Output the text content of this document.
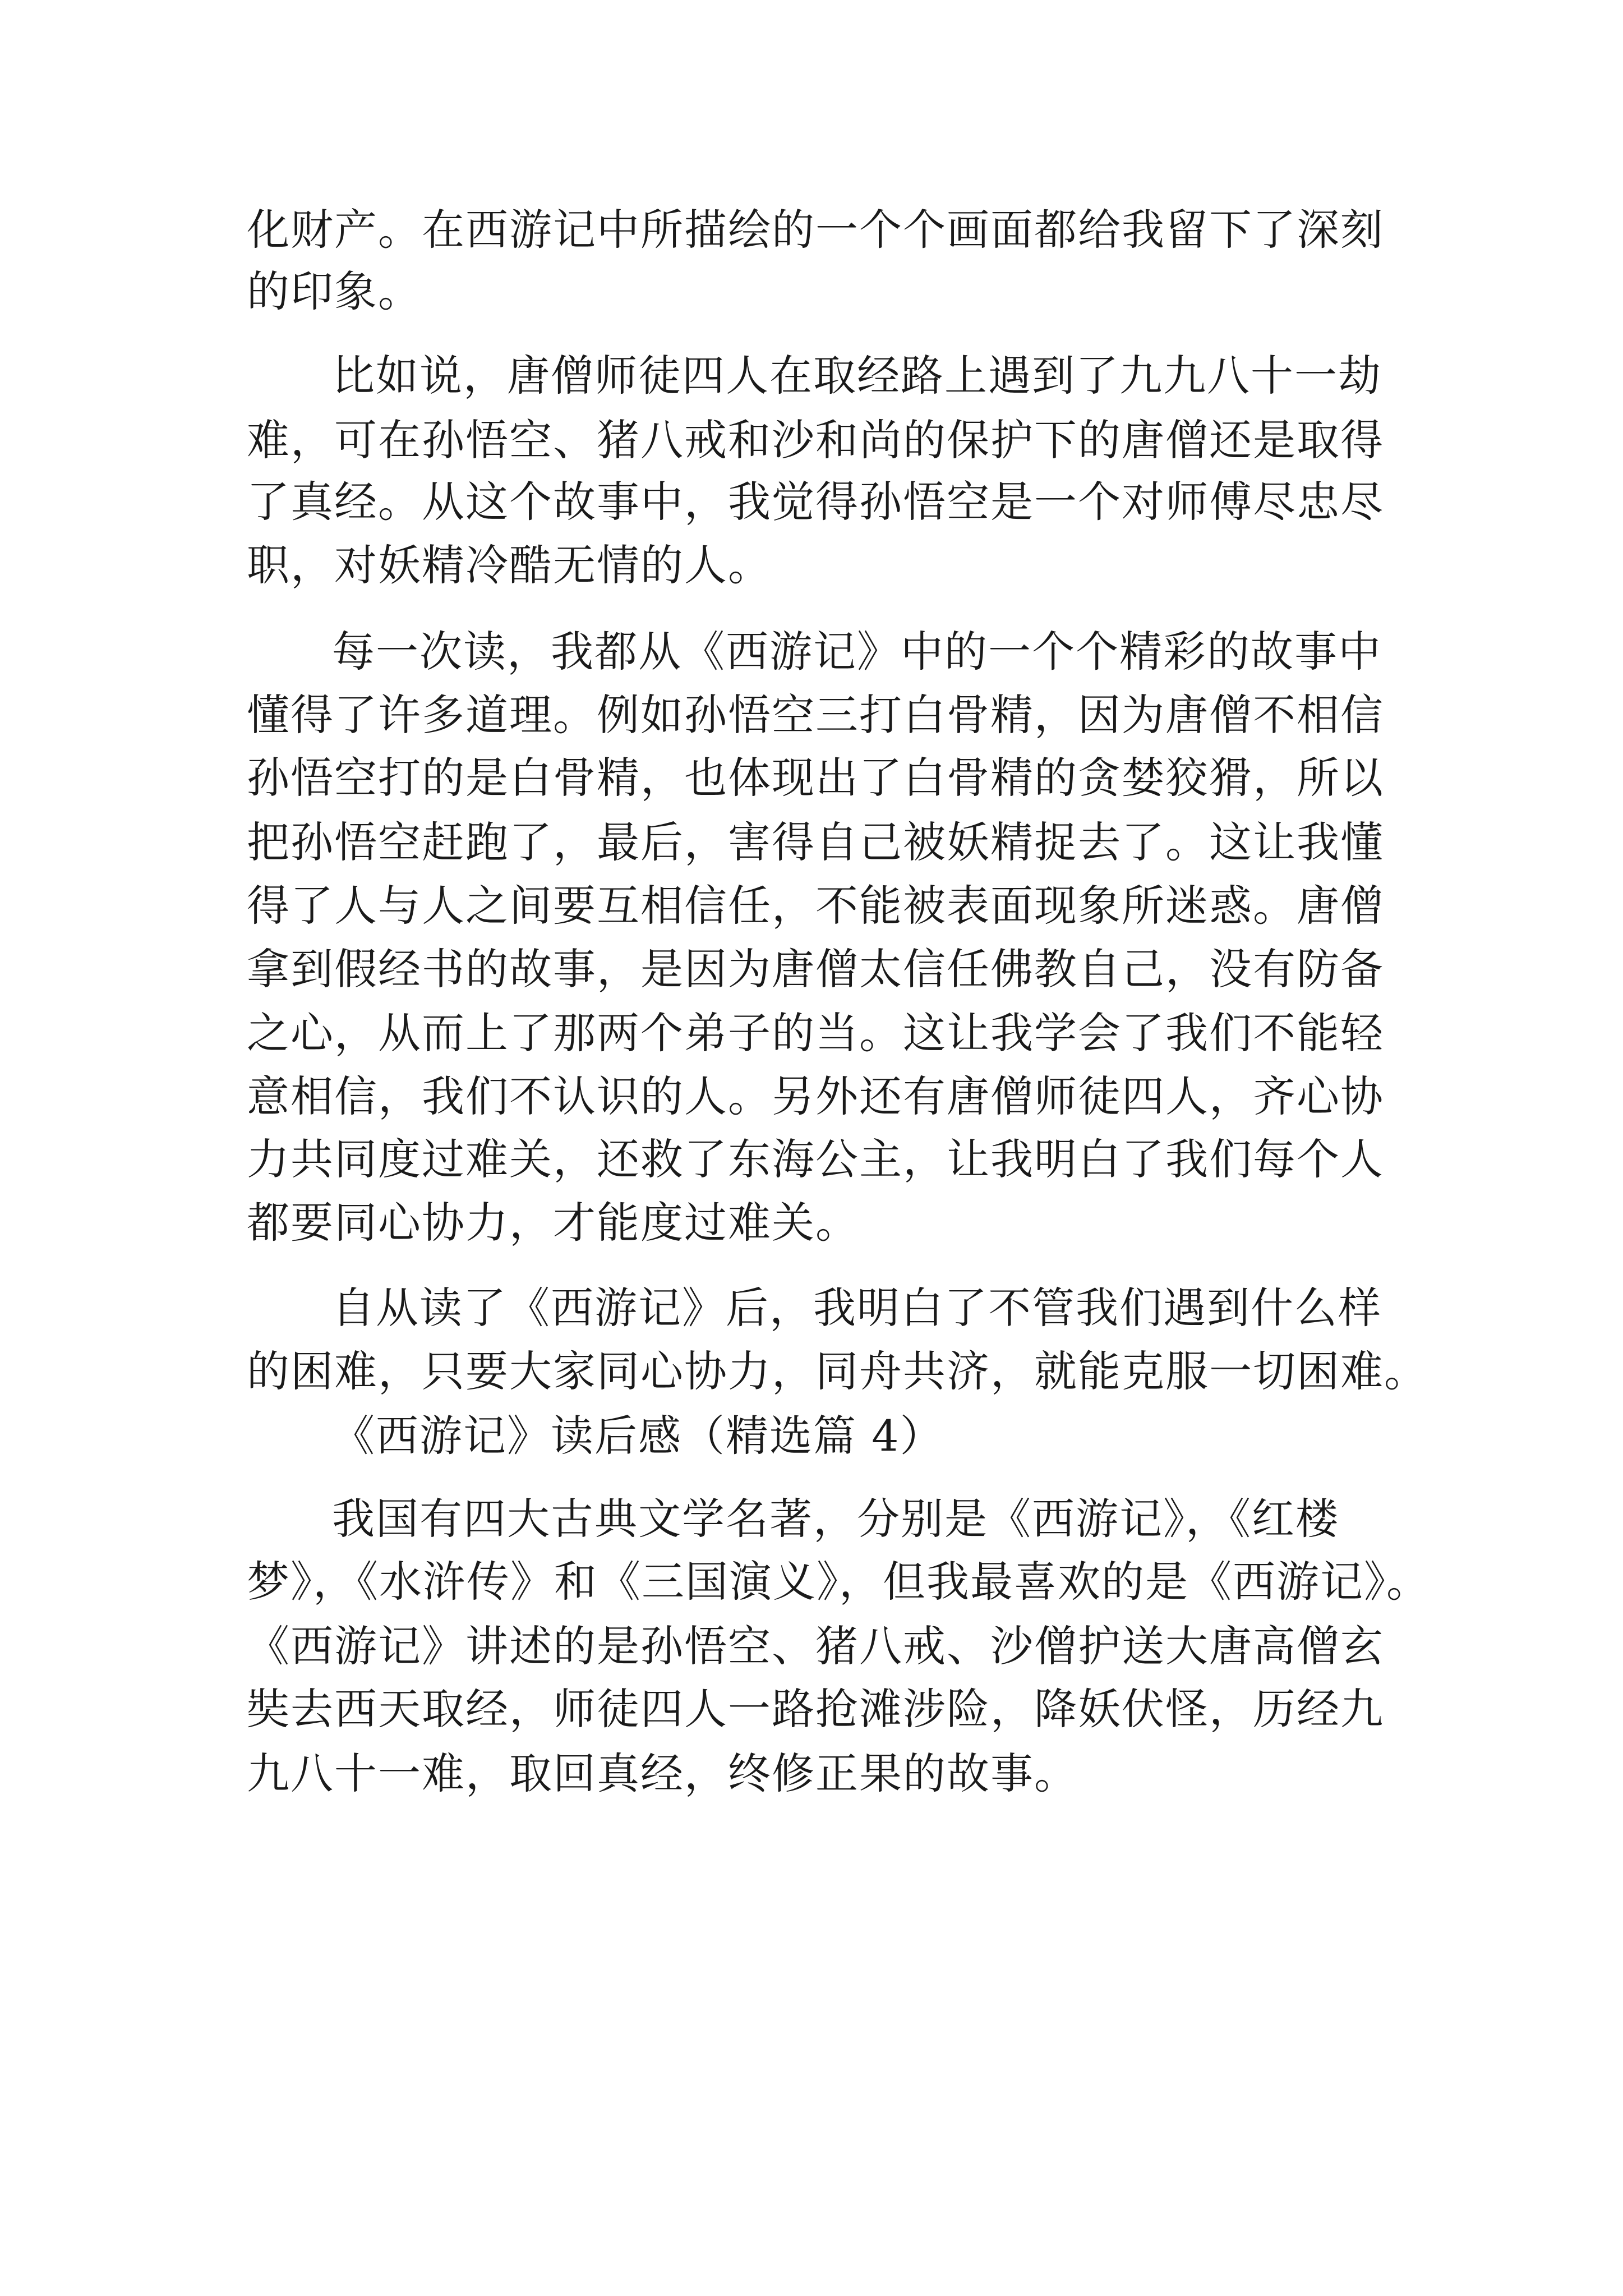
化财产。在西游记中所描绘的一个个画面都给我留下了深刻
的印象。
比如说，唐僧师徒四人在取经路上遇到了九九八十一劫
难，可在孙悟空、猪八戒和沙和尚的保护下的唐僧还是取得
了真经。从这个故事中，我觉得孙悟空是一个对师傅尽忠尽
职，对妖精冷酷无情的人。
每一次读，我都从《西游记》中的一个个精彩的故事中
懂得了许多道理。例如孙悟空三打白骨精，因为唐僧不相信
孙悟空打的是白骨精，也体现出了白骨精的贪婪狡猾，所以
把孙悟空赶跑了，最后，害得自己被妖精捉去了。这让我懂
得了人与人之间要互相信任，不能被表面现象所迷惑。唐僧
拿到假经书的故事，是因为唐僧太信任佛教自己，没有防备
之心，从而上了那两个弟子的当。这让我学会了我们不能轻
意相信，我们不认识的人。另外还有唐僧师徒四人，齐心协
力共同度过难关，还救了东海公主，让我明白了我们每个人
都要同心协力，才能度过难关。
自从读了《西游记》后，我明白了不管我们遇到什么样
的困难，只要大家同心协力，同舟共济，就能克服一切困难。
《西游记》读后感（精选篇 4）
我国有四大古典文学名著，分别是《西游记》，《红楼
梦》，《水浒传》和《三国演义》，但我最喜欢的是《西游记》。
《西游记》讲述的是孙悟空、猪八戒、沙僧护送大唐高僧玄
奘去西天取经，师徒四人一路抢滩涉险，降妖伏怪，历经九
九八十一难，取回真经，终修正果的故事。
